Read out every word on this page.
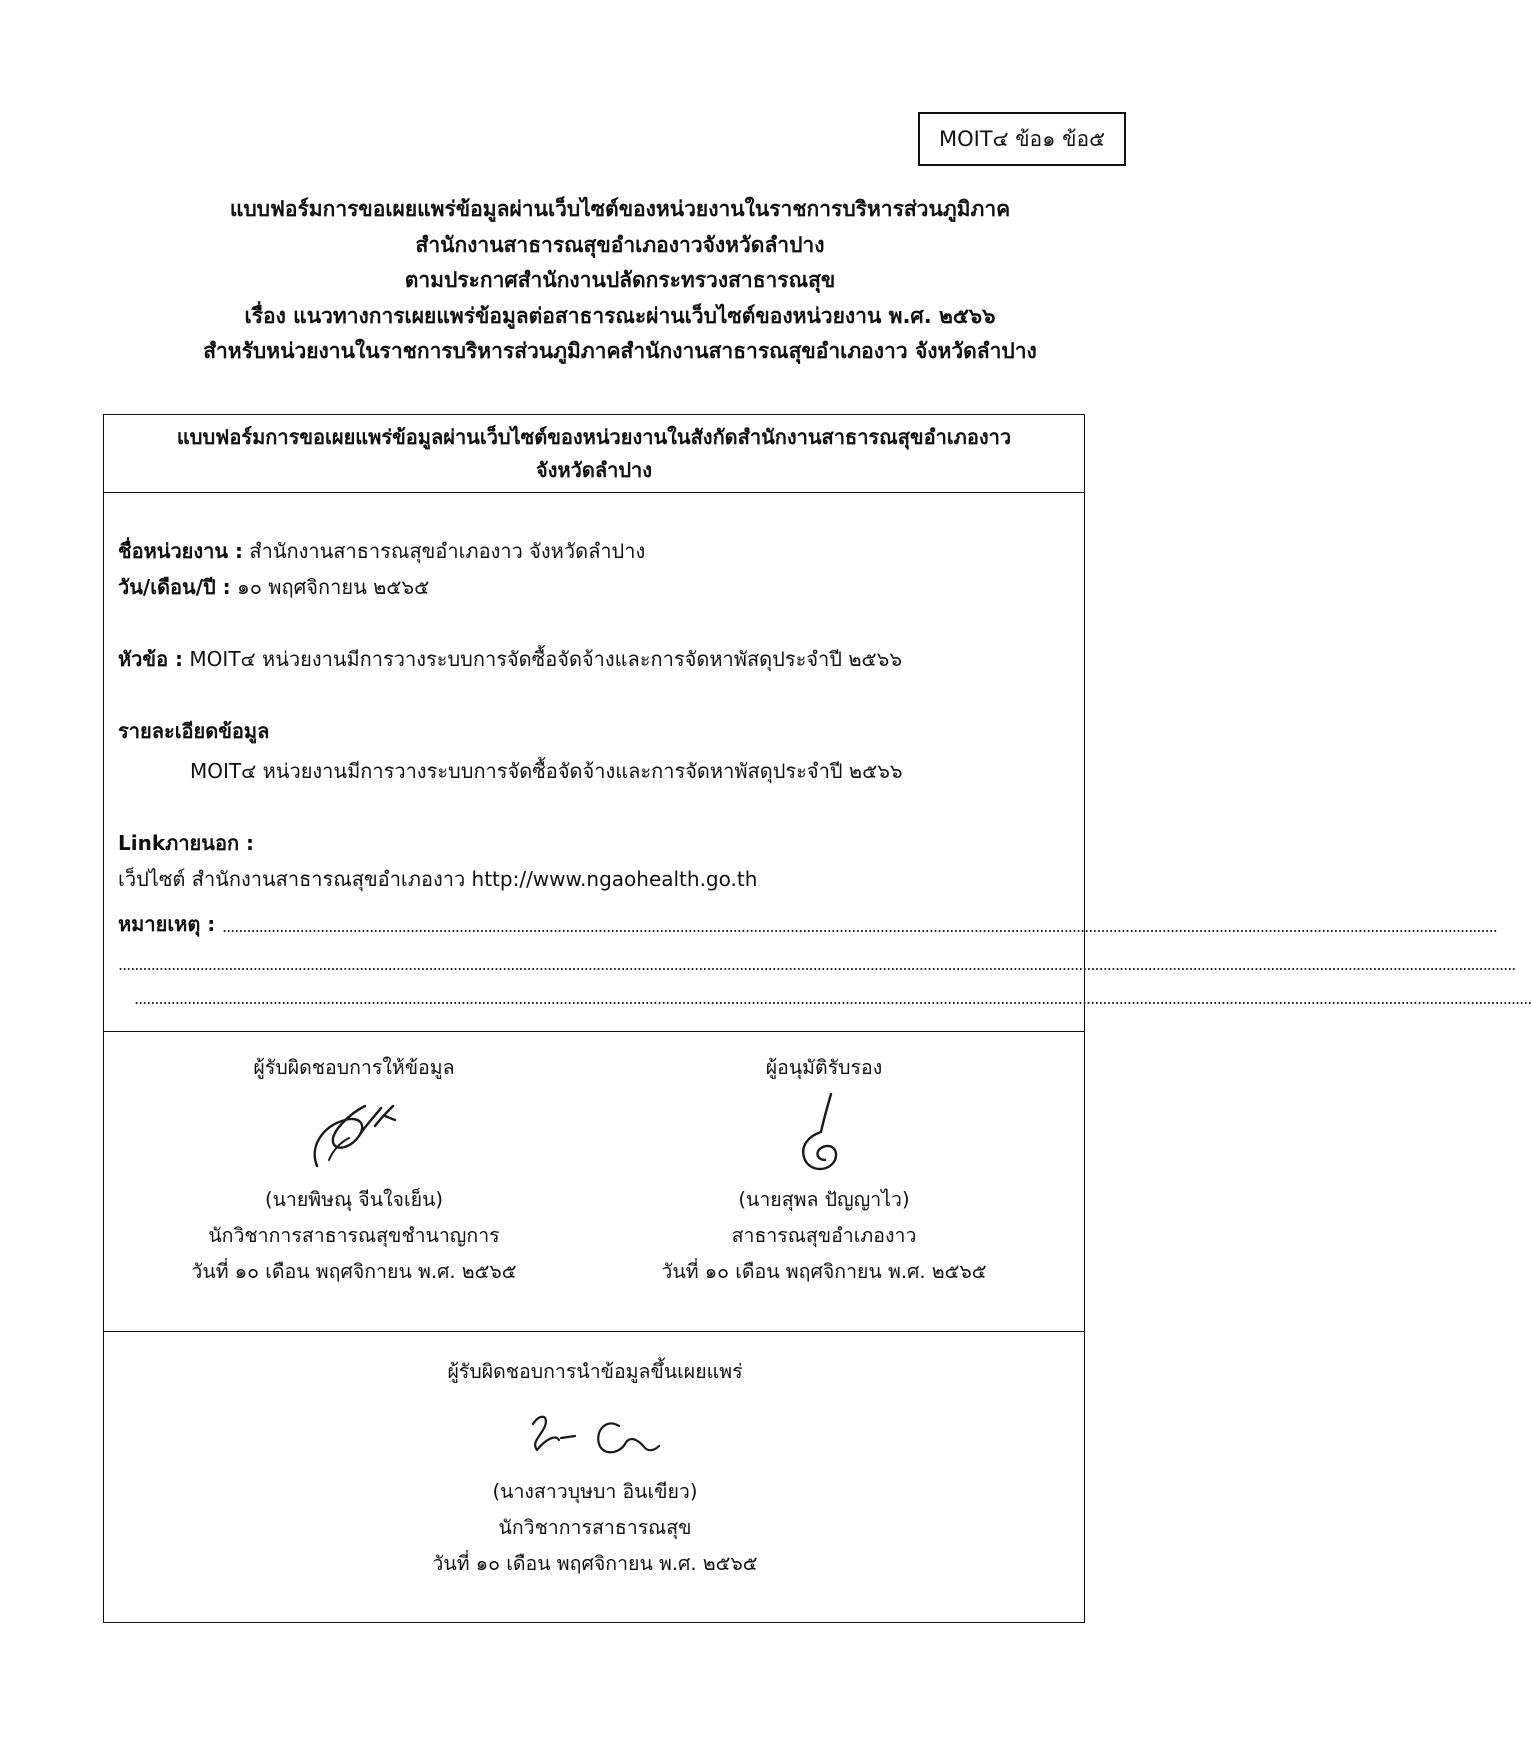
MOIT๔ ข้อ๑ ข้อ๕
แบบฟอร์มการขอเผยแพร่ข้อมูลผ่านเว็บไซต์ของหน่วยงานในราชการบริหารส่วนภูมิภาค
สำนักงานสาธารณสุขอำเภองาวจังหวัดลำปาง
ตามประกาศสำนักงานปลัดกระทรวงสาธารณสุข
เรื่อง แนวทางการเผยแพร่ข้อมูลต่อสาธารณะผ่านเว็บไซต์ของหน่วยงาน พ.ศ. ๒๕๖๖
สำหรับหน่วยงานในราชการบริหารส่วนภูมิภาคสำนักงานสาธารณสุขอำเภองาว จังหวัดลำปาง
แบบฟอร์มการขอเผยแพร่ข้อมูลผ่านเว็บไซต์ของหน่วยงานในสังกัดสำนักงานสาธารณสุขอำเภองาว
จังหวัดลำปาง
ชื่อหน่วยงาน : สำนักงานสาธารณสุขอำเภองาว จังหวัดลำปาง
วัน/เดือน/ปี : ๑๐ พฤศจิกายน ๒๕๖๕
หัวข้อ : MOIT๔ หน่วยงานมีการวางระบบการจัดซื้อจัดจ้างและการจัดหาพัสดุประจำปี ๒๕๖๖
รายละเอียดข้อมูล
MOIT๔ หน่วยงานมีการวางระบบการจัดซื้อจัดจ้างและการจัดหาพัสดุประจำปี ๒๕๖๖
Linkภายนอก :
เว็ปไซต์ สำนักงานสาธารณสุขอำเภองาว http://www.ngaohealth.go.th
หมายเหตุ : ........................................................................................................................................................................................................................................................................................................................
......................................................................................................................................................................................................................................................................................................................................................
......................................................................................................................................................................................................................................................................................................................................................
ผู้รับผิดชอบการให้ข้อมูล
(นายพิษณุ จีนใจเย็น)
นักวิชาการสาธารณสุขชำนาญการ
วันที่ ๑๐ เดือน พฤศจิกายน พ.ศ. ๒๕๖๕
ผู้อนุมัติรับรอง
(นายสุพล ปัญญาไว)
สาธารณสุขอำเภองาว
วันที่ ๑๐ เดือน พฤศจิกายน พ.ศ. ๒๕๖๕
ผู้รับผิดชอบการนำข้อมูลขึ้นเผยแพร่
(นางสาวบุษบา อินเขียว)
นักวิชาการสาธารณสุข
วันที่ ๑๐ เดือน พฤศจิกายน พ.ศ. ๒๕๖๕
